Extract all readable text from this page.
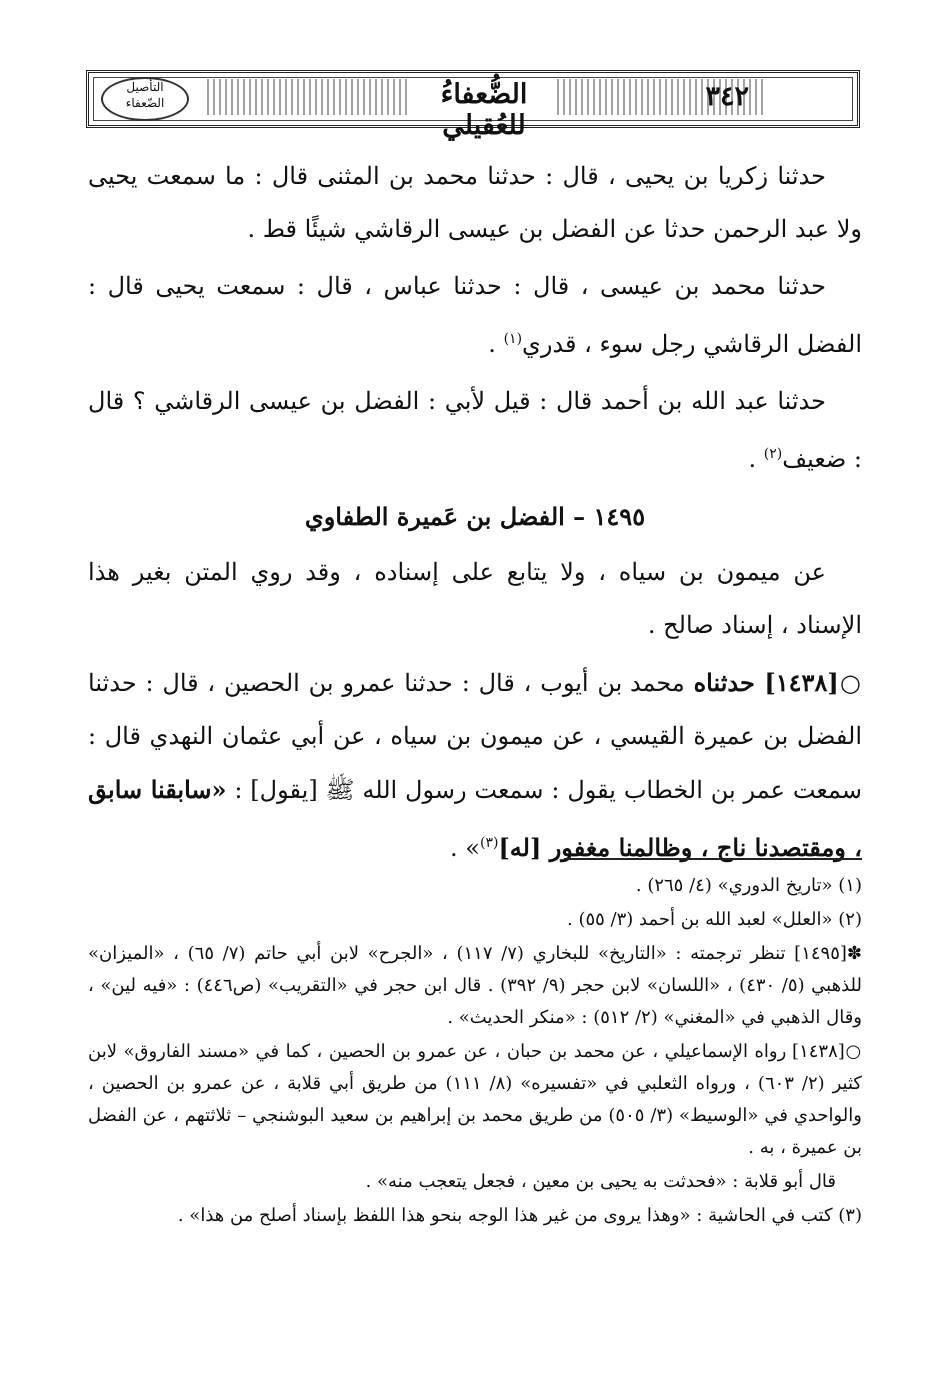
التأصيل
الضّعفاء	الضُّعفاءُ للعُقيلي
٣٤٢

حدثنا زكريا بن يحيى ، قال : حدثنا محمد بن المثنى قال : ما سمعت يحيى ولا عبد الرحمن حدثا عن الفضل بن عيسى الرقاشي شيئًا قط .

حدثنا محمد بن عيسى ، قال : حدثنا عباس ، قال : سمعت يحيى قال : الفضل الرقاشي رجل سوء ، قدري$^{(١)}$ .

حدثنا عبد الله بن أحمد قال : قيل لأبي : الفضل بن عيسى الرقاشي ؟ قال : ضعيف$^{(٢)}$ .

١٤٩٥ – الفضل بن عَميرة الطفاوي

عن ميمون بن سياه ، ولا يتابع على إسناده ، وقد روي المتن بغير هذا الإسناد ، إسناد صالح .

○[١٤٣٨] حدثناه محمد بن أيوب ، قال : حدثنا عمرو بن الحصين ، قال : حدثنا الفضل بن عميرة القيسي ، عن ميمون بن سياه ، عن أبي عثمان النهدي قال : سمعت عمر بن الخطاب يقول : سمعت رسول الله ﷺ [يقول] : «سابقنا سابق ، ومقتصدنا ناج ، وظالمنا مغفور [له]$^{(٣)}$» .

(١) «تاريخ الدوري» (٤/ ٢٦٥) .

(٢) «العلل» لعبد الله بن أحمد (٣/ ٥٥) .

✽[١٤٩٥] تنظر ترجمته : «التاريخ» للبخاري (٧/ ١١٧) ، «الجرح» لابن أبي حاتم (٧/ ٦٥) ، «الميزان» للذهبي (٥/ ٤٣٠) ، «اللسان» لابن حجر (٩/ ٣٩٢) . قال ابن حجر في «التقريب» (ص٤٤٦) : «فيه لين» ، وقال الذهبي في «المغني» (٢/ ٥١٢) : «منكر الحديث» .

○[١٤٣٨] رواه الإسماعيلي ، عن محمد بن حبان ، عن عمرو بن الحصين ، كما في «مسند الفاروق» لابن كثير (٢/ ٦٠٣) ، ورواه الثعلبي في «تفسيره» (٨/ ١١١) من طريق أبي قلابة ، عن عمرو بن الحصين ، والواحدي في «الوسيط» (٣/ ٥٠٥) من طريق محمد بن إبراهيم بن سعيد البوشنجي – ثلاثتهم ، عن الفضل بن عميرة ، به .

قال أبو قلابة : «فحدثت به يحيى بن معين ، فجعل يتعجب منه» .

(٣) كتب في الحاشية : «وهذا يروى من غير هذا الوجه بنحو هذا اللفظ بإسناد أصلح من هذا» .
